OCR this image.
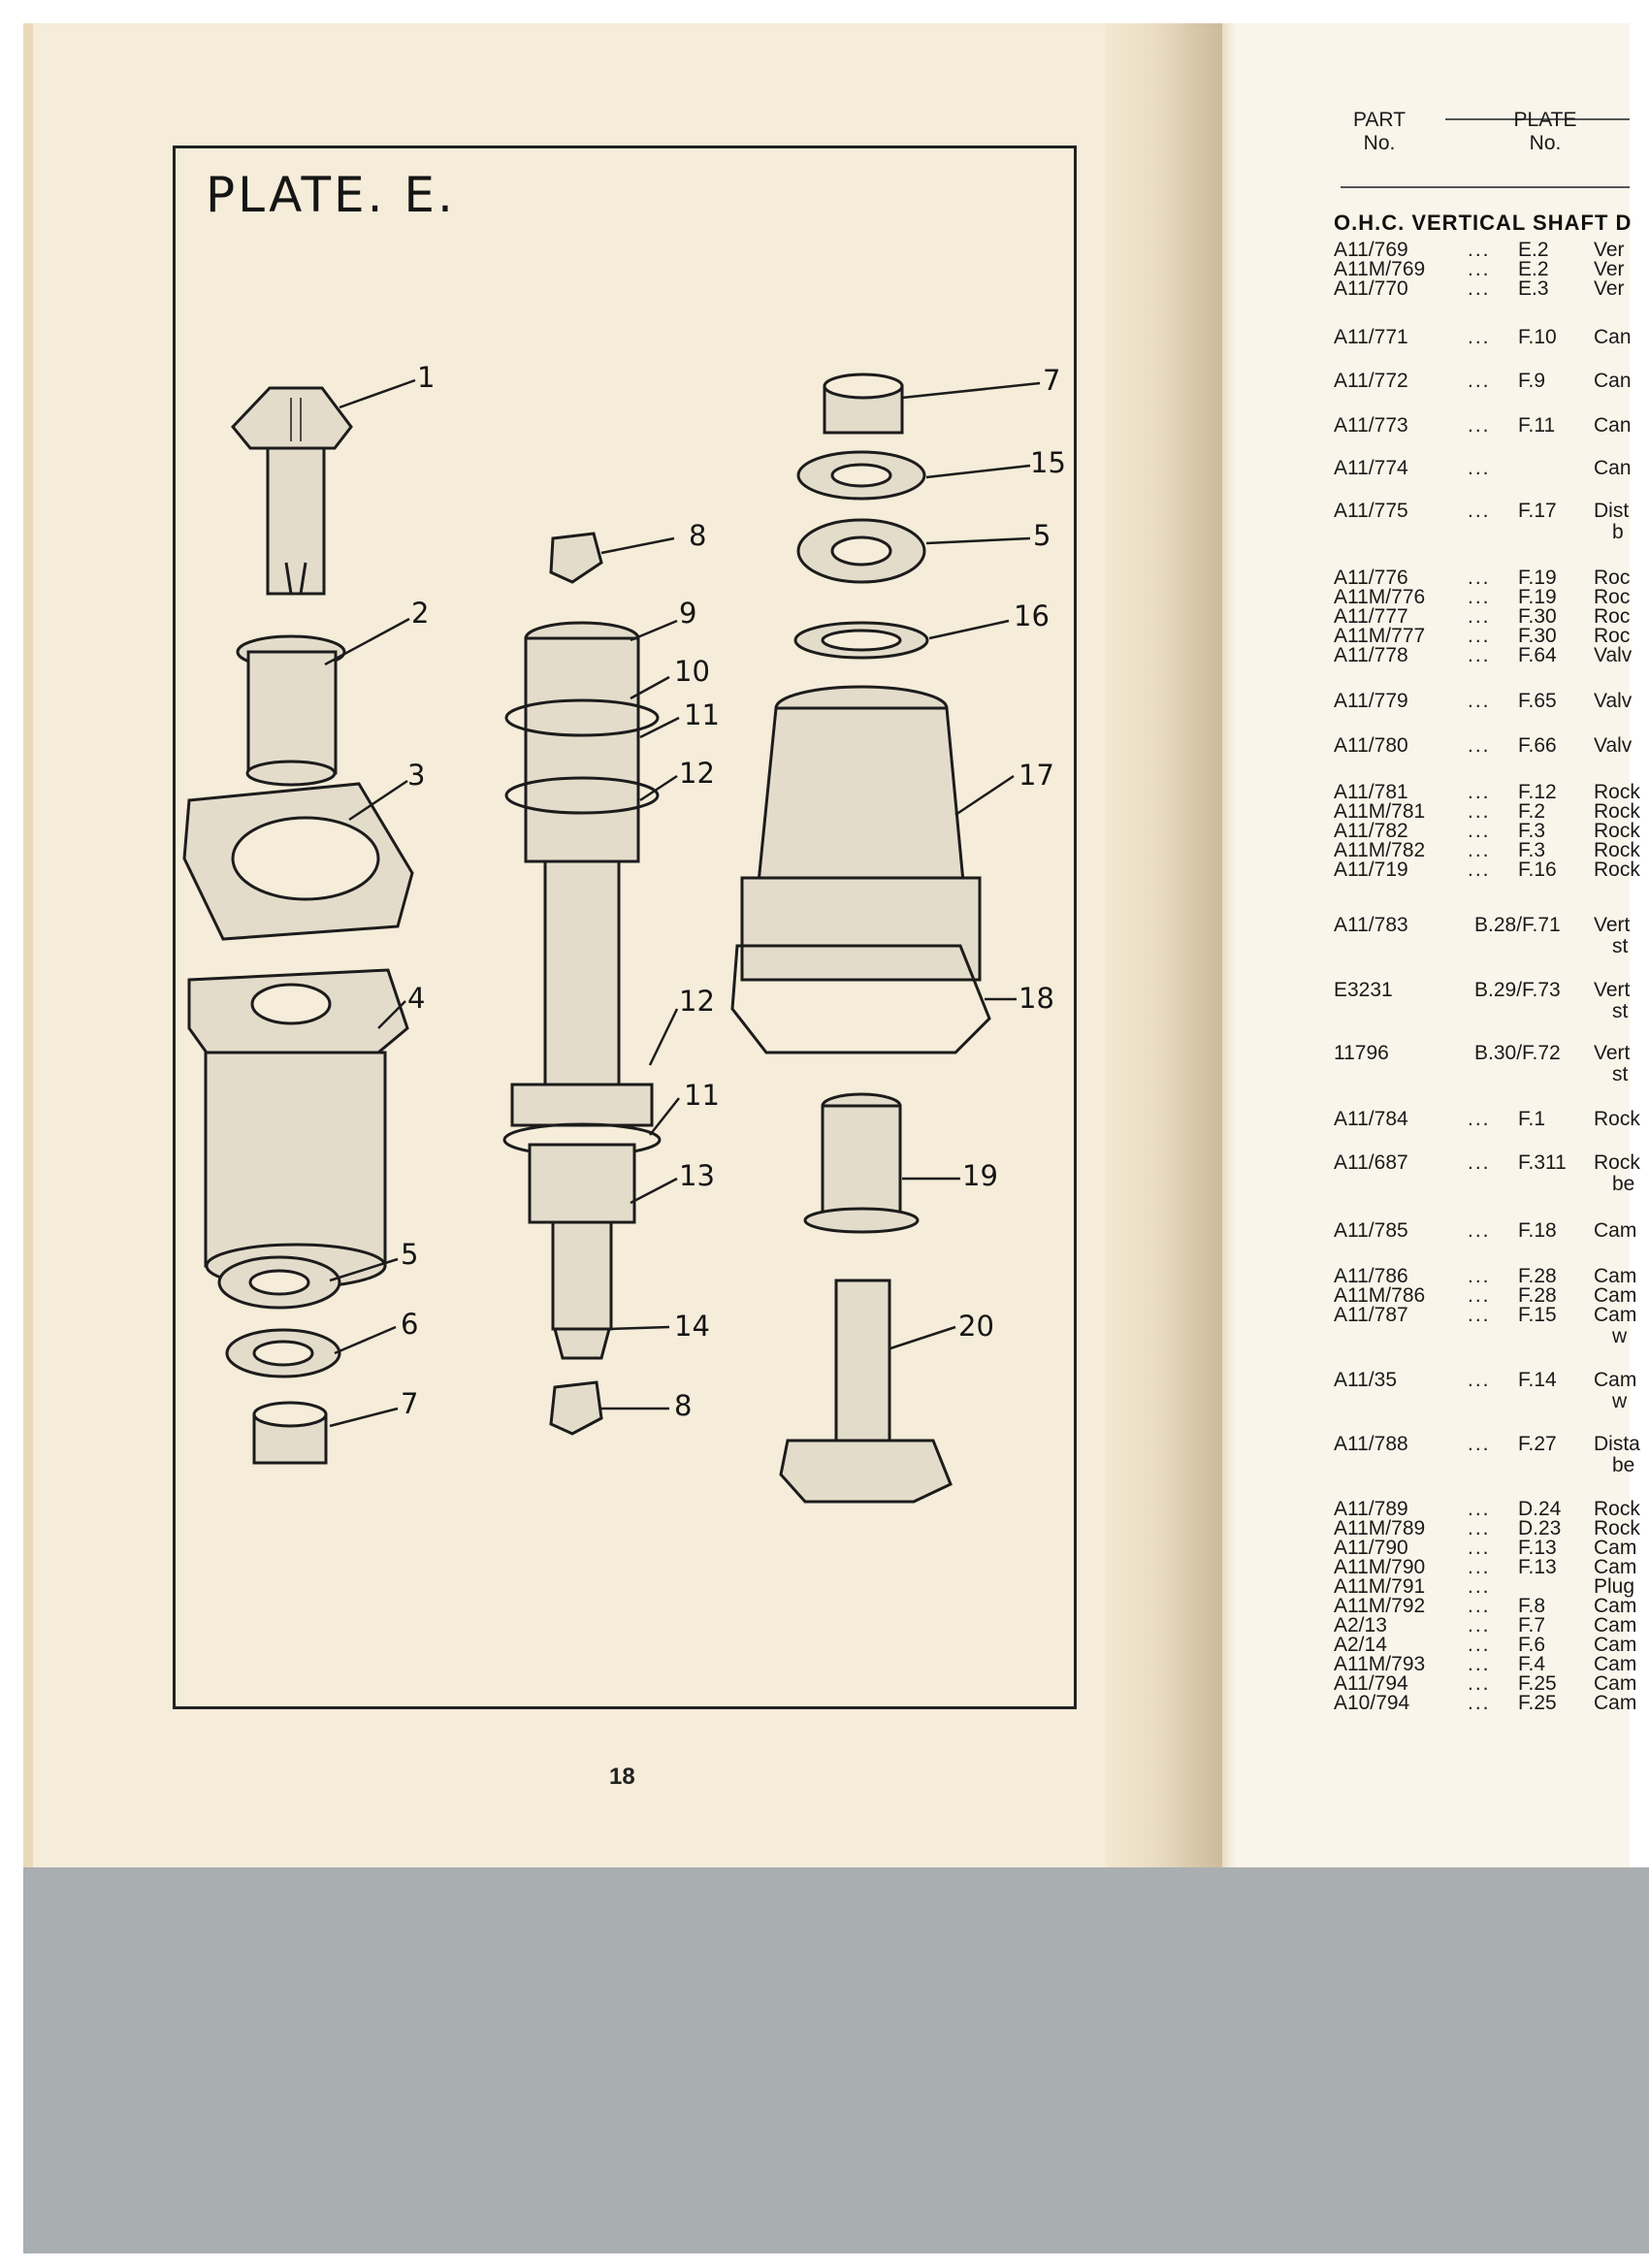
PLATE. E.
1
2
3
4
5
6
7
8
9
10
11
12
7
15
5
16
17
18
12
11
13
14
8
19
20
18
PART
No.
PLATE
No.
O.H.C. VERTICAL SHAFT D
A11/769	... E.2 Ver
A11M/769 ... E.2 Ver
A11/770	... E.3 Ver
A11/771	... F.10 Can
A11/772	... F.9 Can
A11/773	... F.11 Can
A11/774	...	Can
A11/775	... F.17 Dist
b
A11/776	... F.19 Roc
A11M/776 ... F.19 Roc
A11/777	... F.30 Roc
A11M/777 ... F.30 Roc
A11/778	... F.64 Valv
A11/779	... F.65 Valv
A11/780	... F.66 Valv
A11/781	... F.12 Rock
A11M/781 ... F.2 Rock
A11/782	... F.3 Rock
A11M/782 ... F.3 Rock
A11/719	... F.16 Rock
A11/783	B.28/F.71 Vert
st
E3231	B.29/F.73 Vert
st
11796	B.30/F.72 Vert
st
A11/784	... F.1 Rock
A11/687	... F.311 Rock
be
A11/785	... F.18 Cam
A11/786	... F.28 Cam
A11M/786 ... F.28 Cam
A11/787	... F.15 Cam
w
A11/35	... F.14 Cam
w
A11/788	... F.27 Dista
be
A11/789	... D.24 Rock
A11M/789 ... D.23 Rock
A11/790	... F.13 Cam
A11M/790 ... F.13 Cam
A11M/791 ...	Plug
A11M/792 ... F.8 Cam
A2/13	... F.7 Cam
A2/14	... F.6 Cam
A11M/793 ... F.4 Cam
A11/794	... F.25 Cam
A10/794	... F.25 Cam
